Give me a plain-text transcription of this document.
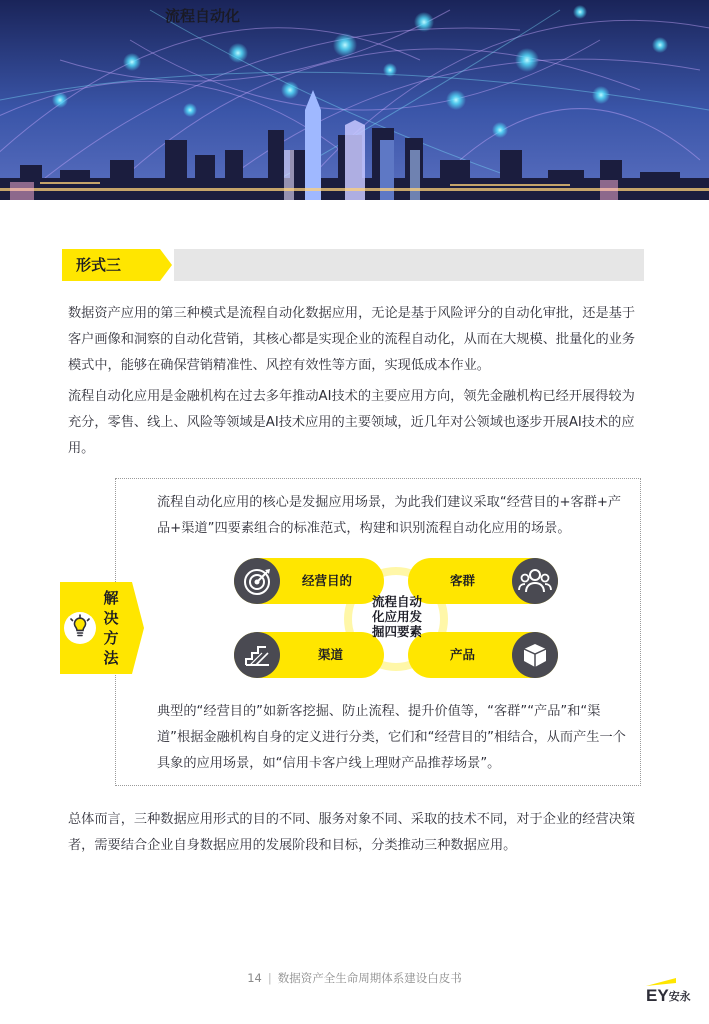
形式三
流程自动化
数据资产应用的第三种模式是流程自动化数据应用，无论是基于风险评分的自动化审批，还是基于客户画像和洞察的自动化营销，其核心都是实现企业的流程自动化，从而在大规模、批量化的业务模式中，能够在确保营销精准性、风控有效性等方面，实现低成本作业。
流程自动化应用是金融机构在过去多年推动AI技术的主要应用方向，领先金融机构已经开展得较为充分，零售、线上、风险等领域是AI技术应用的主要领域，近几年对公领域也逐步开展AI技术的应用。
解决方法
流程自动化应用的核心是发掘应用场景，为此我们建议采取“经营目的+客群+产品+渠道”四要素组合的标准范式，构建和识别流程自动化应用的场景。
经营目的	客群
渠道	产品
流程自动化应用发掘四要素
典型的“经营目的”如新客挖掘、防止流程、提升价值等，“客群”“产品”和“渠道”根据金融机构自身的定义进行分类，它们和“经营目的”相结合，从而产生一个具象的应用场景，如“信用卡客户线上理财产品推荐场景”。
总体而言，三种数据应用形式的目的不同、服务对象不同、采取的技术不同，对于企业的经营决策者，需要结合企业自身数据应用的发展阶段和目标，分类推动三种数据应用。
14 | 数据资产全生命周期体系建设白皮书
EY安永
